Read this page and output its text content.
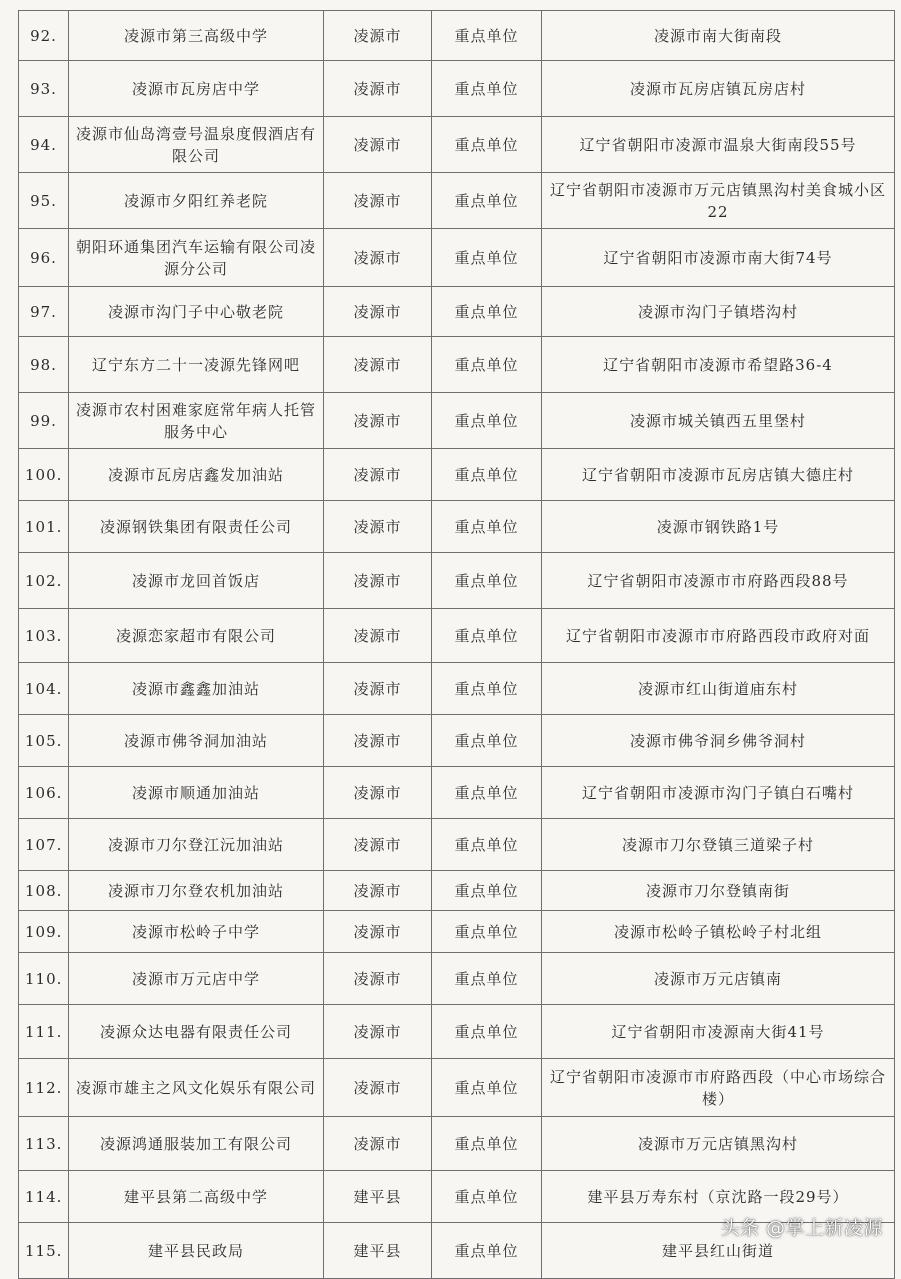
92.	凌源市第三高级中学	凌源市	重点单位	凌源市南大街南段
93.	凌源市瓦房店中学	凌源市	重点单位	凌源市瓦房店镇瓦房店村
94.	凌源市仙岛湾壹号温泉度假酒店有限公司	凌源市	重点单位	辽宁省朝阳市凌源市温泉大街南段55号
95.	凌源市夕阳红养老院	凌源市	重点单位	辽宁省朝阳市凌源市万元店镇黑沟村美食城小区22
96.	朝阳环通集团汽车运输有限公司凌源分公司	凌源市	重点单位	辽宁省朝阳市凌源市南大街74号
97.	凌源市沟门子中心敬老院	凌源市	重点单位	凌源市沟门子镇塔沟村
98.	辽宁东方二十一凌源先锋网吧	凌源市	重点单位	辽宁省朝阳市凌源市希望路36-4
99.	凌源市农村困难家庭常年病人托管服务中心	凌源市	重点单位	凌源市城关镇西五里堡村
100.	凌源市瓦房店鑫发加油站	凌源市	重点单位	辽宁省朝阳市凌源市瓦房店镇大德庄村
101.	凌源钢铁集团有限责任公司	凌源市	重点单位	凌源市钢铁路1号
102.	凌源市龙回首饭店	凌源市	重点单位	辽宁省朝阳市凌源市市府路西段88号
103.	凌源恋家超市有限公司	凌源市	重点单位	辽宁省朝阳市凌源市市府路西段市政府对面
104.	凌源市鑫鑫加油站	凌源市	重点单位	凌源市红山街道庙东村
105.	凌源市佛爷洞加油站	凌源市	重点单位	凌源市佛爷洞乡佛爷洞村
106.	凌源市顺通加油站	凌源市	重点单位	辽宁省朝阳市凌源市沟门子镇白石嘴村
107.	凌源市刀尔登江沅加油站	凌源市	重点单位	凌源市刀尔登镇三道梁子村
108.	凌源市刀尔登农机加油站	凌源市	重点单位	凌源市刀尔登镇南街
109.	凌源市松岭子中学	凌源市	重点单位	凌源市松岭子镇松岭子村北组
110.	凌源市万元店中学	凌源市	重点单位	凌源市万元店镇南
111.	凌源众达电器有限责任公司	凌源市	重点单位	辽宁省朝阳市凌源南大街41号
112.	凌源市雄主之风文化娱乐有限公司	凌源市	重点单位	辽宁省朝阳市凌源市市府路西段（中心市场综合楼）
113.	凌源鸿通服装加工有限公司	凌源市	重点单位	凌源市万元店镇黑沟村
114.	建平县第二高级中学	建平县	重点单位	建平县万寿东村（京沈路一段29号）
115.	建平县民政局	建平县	重点单位	建平县红山街道
头条 @掌上新凌源
